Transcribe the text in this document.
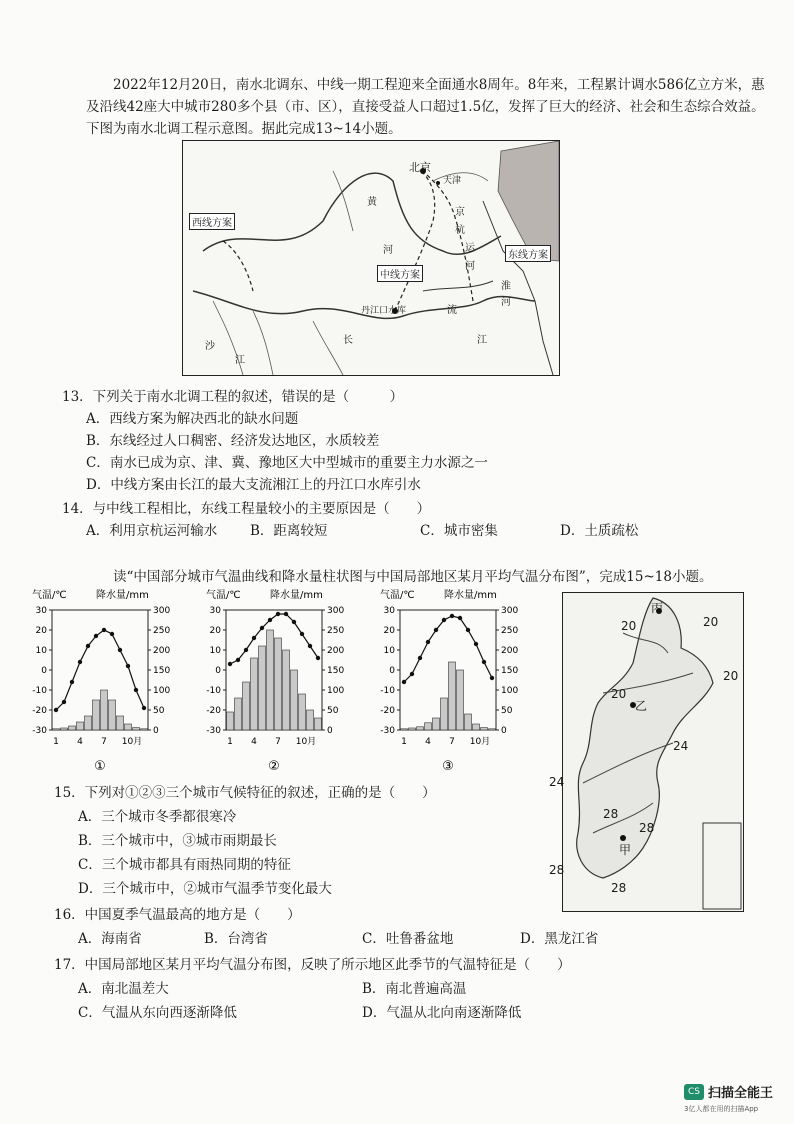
2022年12月20日，南水北调东、中线一期工程迎来全面通水8周年。8年来，工程累计调水586亿立方米，惠及沿线42座大中城市280多个县（市、区），直接受益人口超过1.5亿，发挥了巨大的经济、社会和生态综合效益。下图为南水北调工程示意图。据此完成13~14小题。
西线方案
中线方案
东线方案
北京
天津
丹江口水库
黄
河
长	江
淮
河
京
杭
运
河
流
江
沙
13．下列关于南水北调工程的叙述，错误的是（　　　）
A．西线方案为解决西北的缺水问题
B．东线经过人口稠密、经济发达地区，水质较差
C．南水已成为京、津、冀、豫地区大中型城市的重要主力水源之一
D．中线方案由长江的最大支流湘江上的丹江口水库引水
14．与中线工程相比，东线工程量较小的主要原因是（　　）
A．利用京杭运河输水 B．距离较短	C．城市密集	D．土质疏松
读“中国部分城市气温曲线和降水量柱状图与中国局部地区某月平均气温分布图”，完成15~18小题。
气温/℃	降水量/mm
30
20
10
0
-10
-20
-30
300
250
200
150
100
50
0
1 4 7 10月
①
气温/℃	降水量/mm
30
20
10
0
-10
-20
-30
300
250
200
150
100
50
0
1 4 7 10月
②
气温/℃	降水量/mm
30
20
10
0
-10
-20
-30
300
250
200
150
100
50
0
1 4 7 10月
③
丙
乙
甲
20	20
20
20
24
24
28
28
28
28
15．下列对①②③三个城市气候特征的叙述，正确的是（　　）
A．三个城市冬季都很寒冷
B．三个城市中，③城市雨期最长
C．三个城市都具有雨热同期的特征
D．三个城市中，②城市气温季节变化最大
16．中国夏季气温最高的地方是（　　）
A．海南省	B．台湾省	C．吐鲁番盆地	D．黑龙江省
17．中国局部地区某月平均气温分布图，反映了所示地区此季节的气温特征是（　　）
A．南北温差大	B．南北普遍高温
C．气温从东向西逐渐降低	D．气温从北向南逐渐降低
CS 扫描全能王
3亿人都在用的扫描App
